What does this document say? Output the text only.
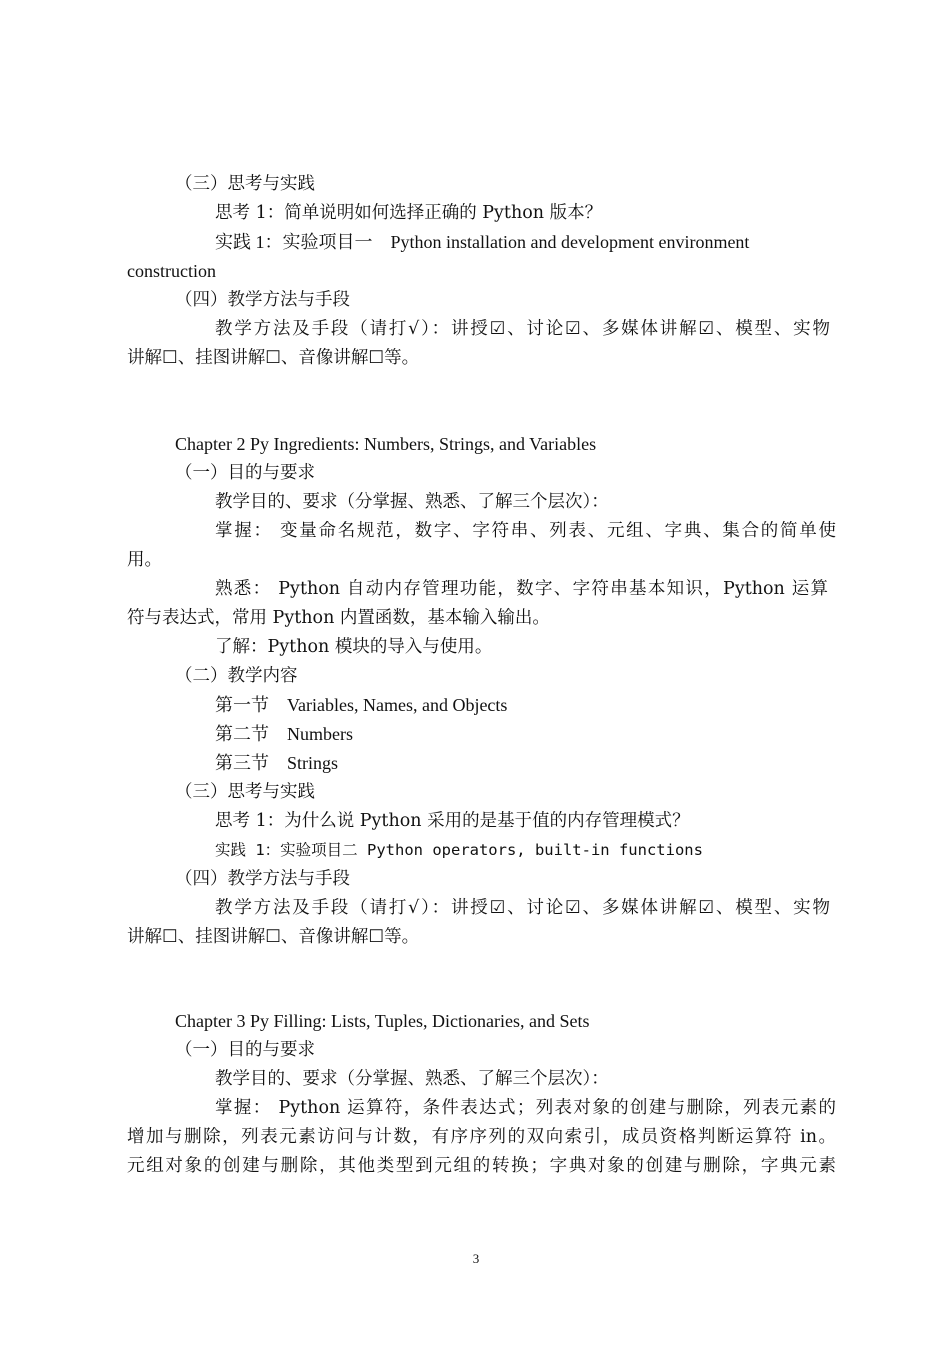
（三）思考与实践
思考 1：简单说明如何选择正确的 Python 版本？
实践 1：实验项目一　Python installation and development environment
construction
（四）教学方法与手段
教学方法及手段（请打√）：讲授☑、讨论☑、多媒体讲解☑、模型、实物
讲解☐、挂图讲解☐、音像讲解☐等。
Chapter 2 Py Ingredients: Numbers, Strings, and Variables
（一）目的与要求
教学目的、要求（分掌握、熟悉、了解三个层次）：
掌握： 变量命名规范，数字、字符串、列表、元组、字典、集合的简单使
用。
熟悉： Python 自动内存管理功能，数字、字符串基本知识，Python 运算
符与表达式，常用 Python 内置函数，基本输入输出。
了解：Python 模块的导入与使用。
（二）教学内容
第一节　Variables, Names, and Objects
第二节　Numbers
第三节　Strings
（三）思考与实践
思考 1：为什么说 Python 采用的是基于值的内存管理模式？
实践 1：实验项目二 Python operators, built-in functions
（四）教学方法与手段
教学方法及手段（请打√）：讲授☑、讨论☑、多媒体讲解☑、模型、实物
讲解☐、挂图讲解☐、音像讲解☐等。
Chapter 3 Py Filling: Lists, Tuples, Dictionaries, and Sets
（一）目的与要求
教学目的、要求（分掌握、熟悉、了解三个层次）：
掌握： Python 运算符，条件表达式；列表对象的创建与删除，列表元素的
增加与删除，列表元素访问与计数，有序序列的双向索引，成员资格判断运算符 in。
元组对象的创建与删除，其他类型到元组的转换；字典对象的创建与删除，字典元素
3
